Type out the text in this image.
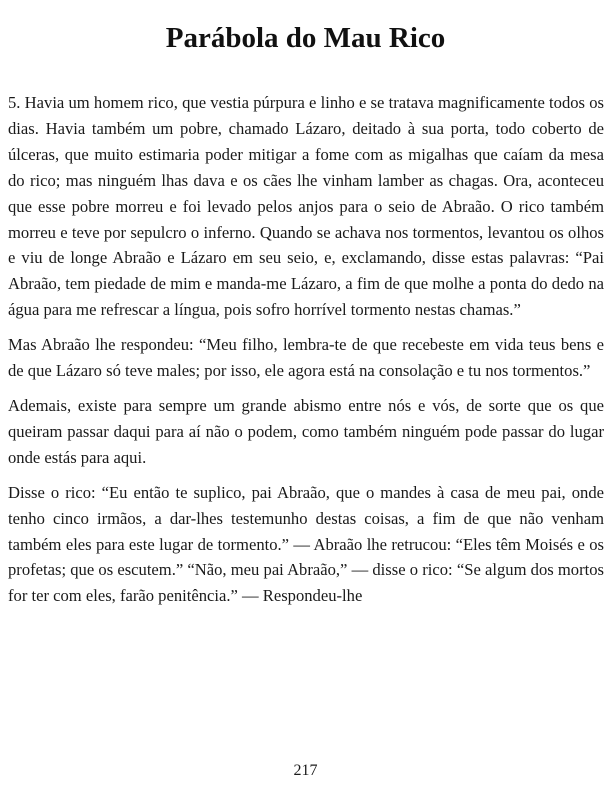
Parábola do Mau Rico

5. Havia um homem rico, que vestia púrpura e linho e se tratava magnificamente todos os dias. Havia também um pobre, chamado Lázaro, deitado à sua porta, todo coberto de úlceras, que muito estimaria poder mitigar a fome com as migalhas que caíam da mesa do rico; mas ninguém lhas dava e os cães lhe vinham lamber as chagas. Ora, aconteceu que esse pobre morreu e foi levado pelos anjos para o seio de Abraão. O rico também morreu e teve por sepulcro o inferno. Quando se achava nos tormentos, levantou os olhos e viu de longe Abraão e Lázaro em seu seio, e, exclamando, disse estas palavras: “Pai Abraão, tem piedade de mim e manda-me Lázaro, a fim de que molhe a ponta do dedo na água para me refrescar a língua, pois sofro horrível tormento nestas chamas.”

Mas Abraão lhe respondeu: “Meu filho, lembra-te de que recebeste em vida teus bens e de que Lázaro só teve males; por isso, ele agora está na consolação e tu nos tormentos.”

Ademais, existe para sempre um grande abismo entre nós e vós, de sorte que os que queiram passar daqui para aí não o podem, como também ninguém pode passar do lugar onde estás para aqui.

Disse o rico: “Eu então te suplico, pai Abraão, que o mandes à casa de meu pai, onde tenho cinco irmãos, a dar-lhes testemunho destas coisas, a fim de que não venham também eles para este lugar de tormento.” — Abraão lhe retrucou: “Eles têm Moisés e os profetas; que os escutem.” “Não, meu pai Abraão,” — disse o rico: “Se algum dos mortos for ter com eles, farão penitência.” — Respondeu-lhe

217
